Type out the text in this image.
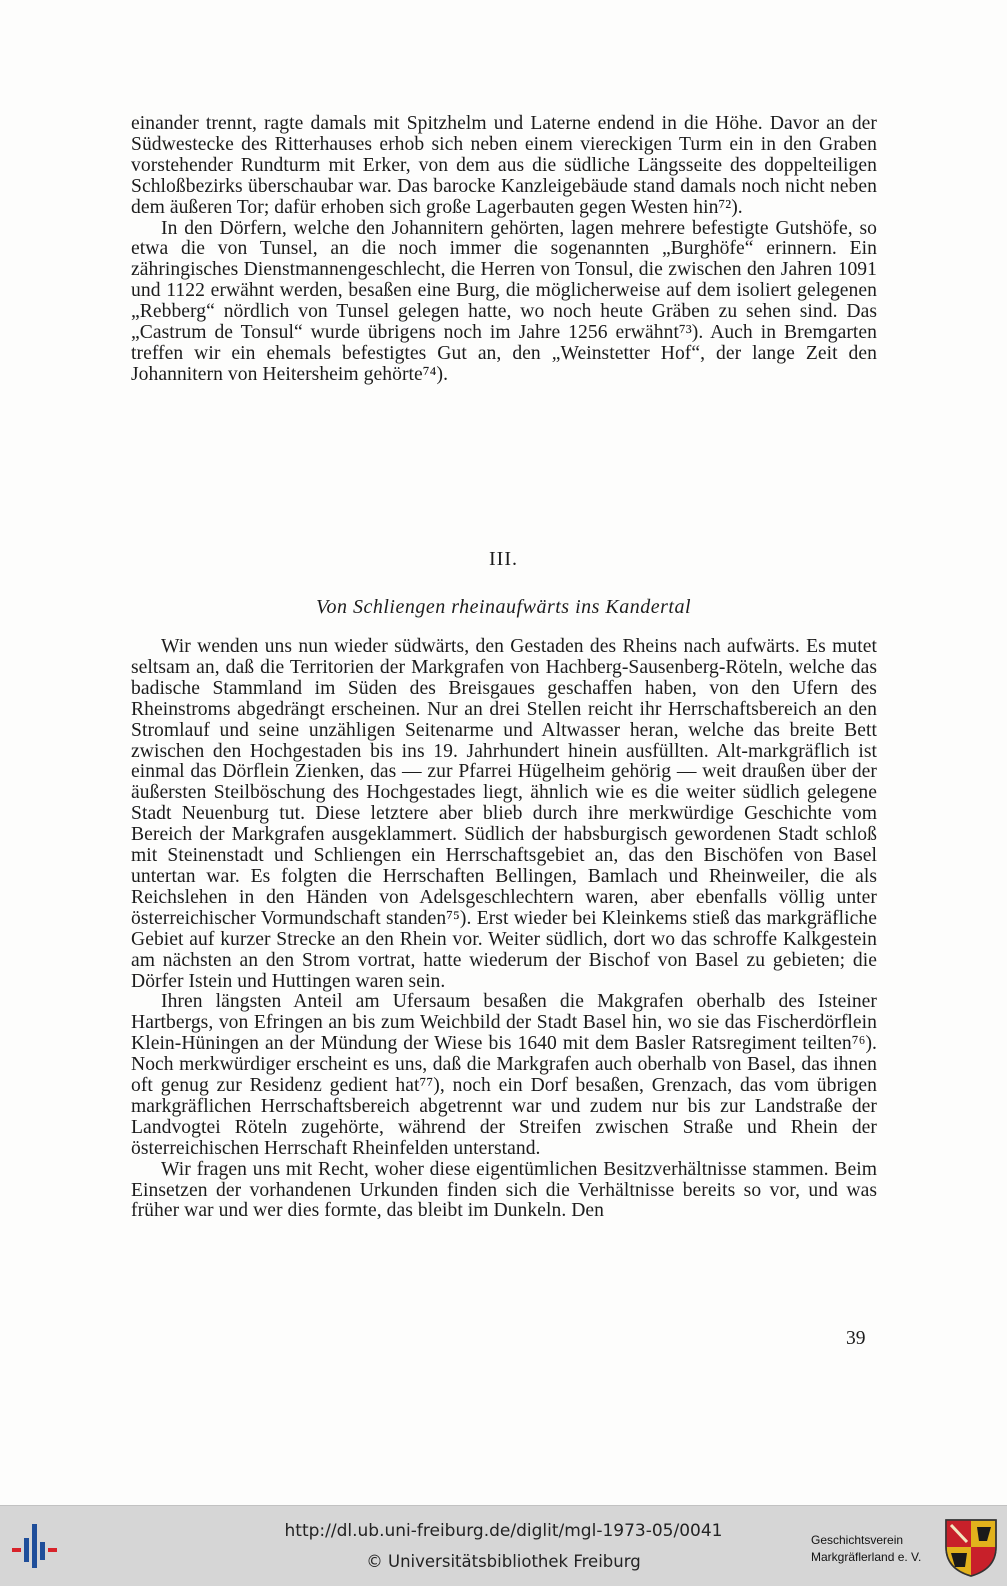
einander trennt, ragte damals mit Spitzhelm und Laterne endend in die Höhe. Davor an der Südwestecke des Ritterhauses erhob sich neben einem viereckigen Turm ein in den Graben vorstehender Rundturm mit Erker, von dem aus die südliche Längsseite des doppelteiligen Schloßbezirks überschaubar war. Das barocke Kanzleigebäude stand damals noch nicht neben dem äußeren Tor; dafür erhoben sich große Lagerbauten gegen Westen hin⁷²).

In den Dörfern, welche den Johannitern gehörten, lagen mehrere befestigte Gutshöfe, so etwa die von Tunsel, an die noch immer die sogenannten „Burghöfe“ erinnern. Ein zähringisches Dienstmannengeschlecht, die Herren von Tonsul, die zwischen den Jahren 1091 und 1122 erwähnt werden, besaßen eine Burg, die möglicherweise auf dem isoliert gelegenen „Rebberg“ nördlich von Tunsel gelegen hatte, wo noch heute Gräben zu sehen sind. Das „Castrum de Tonsul“ wurde übrigens noch im Jahre 1256 erwähnt⁷³). Auch in Bremgarten treffen wir ein ehemals befestigtes Gut an, den „Weinstetter Hof“, der lange Zeit den Johannitern von Heitersheim gehörte⁷⁴).

III.
Von Schliengen rheinaufwärts ins Kandertal

Wir wenden uns nun wieder südwärts, den Gestaden des Rheins nach aufwärts. Es mutet seltsam an, daß die Territorien der Markgrafen von Hachberg-Sausenberg-Röteln, welche das badische Stammland im Süden des Breisgaues geschaffen haben, von den Ufern des Rheinstroms abgedrängt erscheinen. Nur an drei Stellen reicht ihr Herrschaftsbereich an den Stromlauf und seine unzähligen Seitenarme und Altwasser heran, welche das breite Bett zwischen den Hochgestaden bis ins 19. Jahrhundert hinein ausfüllten. Alt-markgräflich ist einmal das Dörflein Zienken, das — zur Pfarrei Hügelheim gehörig — weit draußen über der äußersten Steilböschung des Hochgestades liegt, ähnlich wie es die weiter südlich gelegene Stadt Neuenburg tut. Diese letztere aber blieb durch ihre merkwürdige Geschichte vom Bereich der Markgrafen ausgeklammert. Südlich der habsburgisch gewordenen Stadt schloß mit Steinenstadt und Schliengen ein Herrschaftsgebiet an, das den Bischöfen von Basel untertan war. Es folgten die Herrschaften Bellingen, Bamlach und Rheinweiler, die als Reichslehen in den Händen von Adelsgeschlechtern waren, aber ebenfalls völlig unter österreichischer Vormundschaft standen⁷⁵). Erst wieder bei Kleinkems stieß das markgräfliche Gebiet auf kurzer Strecke an den Rhein vor. Weiter südlich, dort wo das schroffe Kalkgestein am nächsten an den Strom vortrat, hatte wiederum der Bischof von Basel zu gebieten; die Dörfer Istein und Huttingen waren sein.

Ihren längsten Anteil am Ufersaum besaßen die Makgrafen oberhalb des Isteiner Hartbergs, von Efringen an bis zum Weichbild der Stadt Basel hin, wo sie das Fischerdörflein Klein-Hüningen an der Mündung der Wiese bis 1640 mit dem Basler Ratsregiment teilten⁷⁶). Noch merkwürdiger erscheint es uns, daß die Markgrafen auch oberhalb von Basel, das ihnen oft genug zur Residenz gedient hat⁷⁷), noch ein Dorf besaßen, Grenzach, das vom übrigen markgräflichen Herrschaftsbereich abgetrennt war und zudem nur bis zur Landstraße der Landvogtei Röteln zugehörte, während der Streifen zwischen Straße und Rhein der österreichischen Herrschaft Rheinfelden unterstand.

Wir fragen uns mit Recht, woher diese eigentümlichen Besitzverhältnisse stammen. Beim Einsetzen der vorhandenen Urkunden finden sich die Verhältnisse bereits so vor, und was früher war und wer dies formte, das bleibt im Dunkeln. Den

39
http://dl.ub.uni-freiburg.de/diglit/mgl-1973-05/0041
© Universitätsbibliothek Freiburg
Geschichtsverein
Markgräflerland e. V.
